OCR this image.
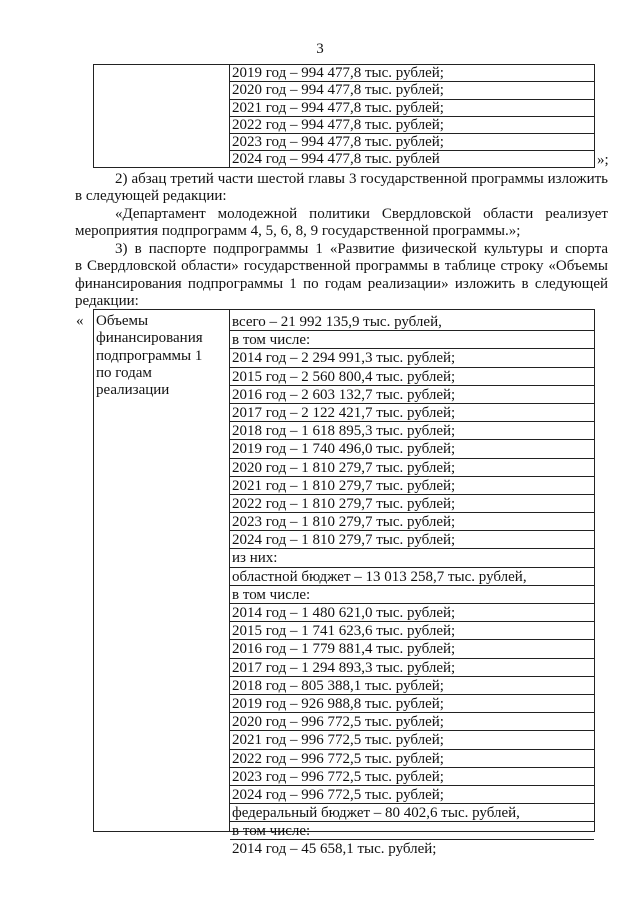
3
2019 год – 994 477,8 тыс. рублей;
2020 год – 994 477,8 тыс. рублей;
2021 год – 994 477,8 тыс. рублей;
2022 год – 994 477,8 тыс. рублей;
2023 год – 994 477,8 тыс. рублей;
2024 год – 994 477,8 тыс. рублей	»;
2) абзац третий части шестой главы 3 государственной программы изложить
в следующей редакции:
«Департамент молодежной политики Свердловской области реализует
мероприятия подпрограмм 4, 5, 6, 8, 9 государственной программы.»;
3) в паспорте подпрограммы 1 «Развитие физической культуры и спорта
в Свердловской области» государственной программы в таблице строку «Объемы
финансирования подпрограммы 1 по годам реализации» изложить в следующей
редакции:
« Объемы
финансирования
подпрограммы 1
по годам
реализации
всего – 21 992 135,9 тыс. рублей,
в том числе:
2014 год – 2 294 991,3 тыс. рублей;
2015 год – 2 560 800,4 тыс. рублей;
2016 год – 2 603 132,7 тыс. рублей;
2017 год – 2 122 421,7 тыс. рублей;
2018 год – 1 618 895,3 тыс. рублей;
2019 год – 1 740 496,0 тыс. рублей;
2020 год – 1 810 279,7 тыс. рублей;
2021 год – 1 810 279,7 тыс. рублей;
2022 год – 1 810 279,7 тыс. рублей;
2023 год – 1 810 279,7 тыс. рублей;
2024 год – 1 810 279,7 тыс. рублей;
из них:
областной бюджет – 13 013 258,7 тыс. рублей,
в том числе:
2014 год – 1 480 621,0 тыс. рублей;
2015 год – 1 741 623,6 тыс. рублей;
2016 год – 1 779 881,4 тыс. рублей;
2017 год – 1 294 893,3 тыс. рублей;
2018 год – 805 388,1 тыс. рублей;
2019 год – 926 988,8 тыс. рублей;
2020 год – 996 772,5 тыс. рублей;
2021 год – 996 772,5 тыс. рублей;
2022 год – 996 772,5 тыс. рублей;
2023 год – 996 772,5 тыс. рублей;
2024 год – 996 772,5 тыс. рублей;
федеральный бюджет – 80 402,6 тыс. рублей,
в том числе:
2014 год – 45 658,1 тыс. рублей;
